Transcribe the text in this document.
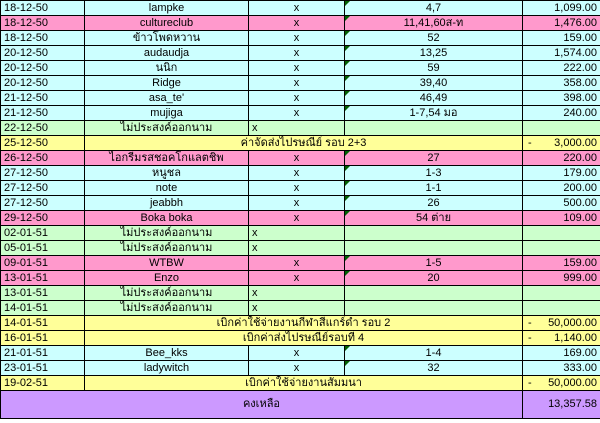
18-12-50	lampke	x	4,7	1,099.00	
18-12-50	cultureclub	x	11,41,60ส-ท	1,476.00	
18-12-50	ข้าวโพดหวาน	x	52	159.00	
20-12-50	audaudja	x	13,25	1,574.00	
20-12-50	นนิก	x	59	222.00	
20-12-50	Ridge	x	39,40	358.00	
21-12-50	asa_te'	x	46,49	398.00	
21-12-50	mujiga	x	1-7,54 มอ	240.00	
22-12-50	ไม่ประสงค์ออกนาม	x			
25-12-50	ค่าจัดส่งไปรษณีย์ รอบ 2+3			- 3,000.00	
26-12-50	ไอกรีมรสชอคโกแลตชิพ	x	27	220.00	
27-12-50	หนูชล	x	1-3	179.00	
27-12-50	note	x	1-1	200.00	
27-12-50	jeabbh	x	26	500.00	
29-12-50	Boka boka	x	54 ต่าย	109.00	
02-01-51	ไม่ประสงค์ออกนาม	x			
05-01-51	ไม่ประสงค์ออกนาม	x			
09-01-51	WTBW	x	1-5	159.00	
13-01-51	Enzo	x	20	999.00	
13-01-51	ไม่ประสงค์ออกนาม	x			
14-01-51	ไม่ประสงค์ออกนาม	x			
14-01-51	เบิกค่าใช้จ่ายงานกีฬาสีแกร์ดำ รอบ 2			- 50,000.00	
16-01-51	เบิกค่าส่งไปรษณีย์รอบที่ 4			- 1,140.00	
21-01-51	Bee_kks	x	1-4	169.00	
23-01-51	ladywitch	x	32	333.00	
19-02-51	เบิกค่าใช้จ่ายงานสัมมนา			- 50,000.00	
คงเหลือ				13,357.58	
